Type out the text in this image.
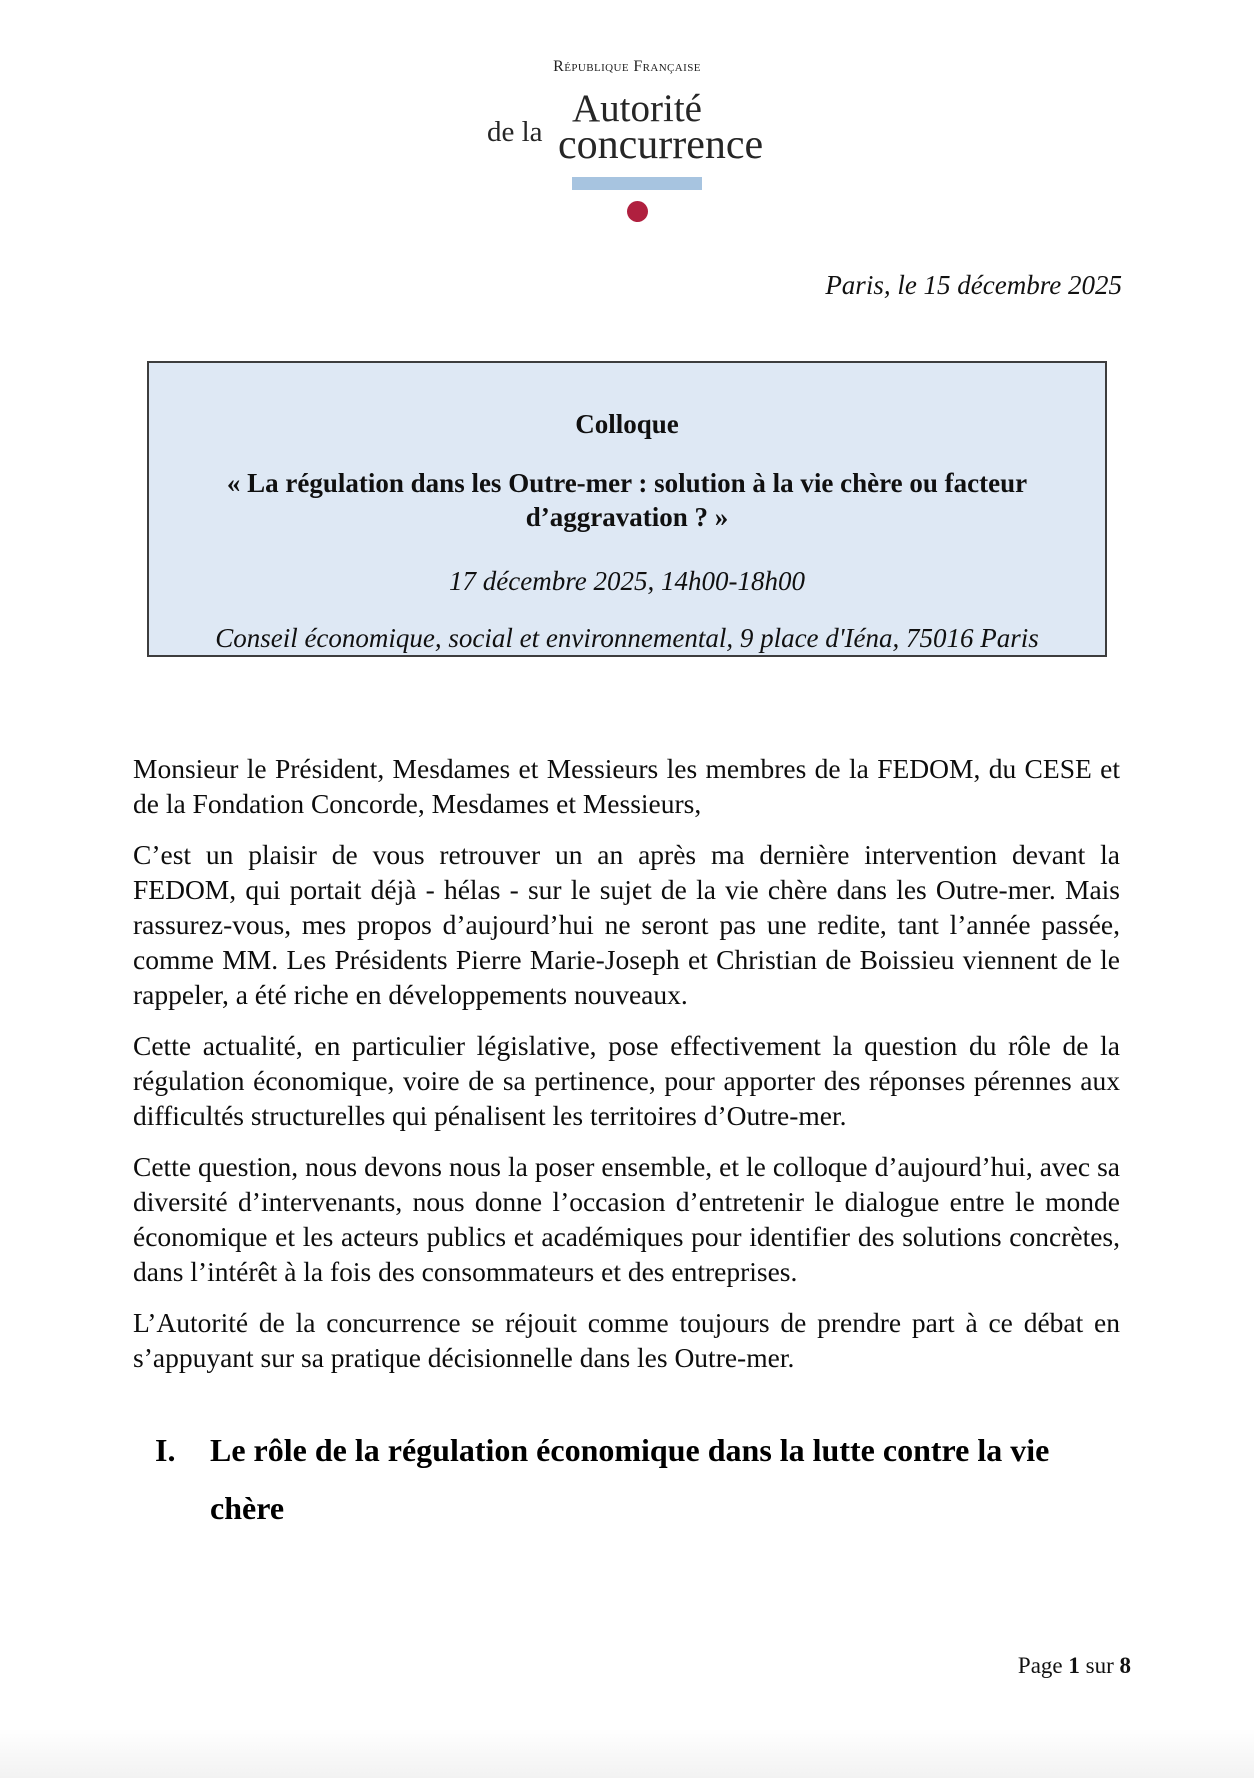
République Française
Autorité
de la concurrence
Paris, le 15 décembre 2025
Colloque
« La régulation dans les Outre-mer : solution à la vie chère ou facteur
d’aggravation ? »
17 décembre 2025, 14h00-18h00
Conseil économique, social et environnemental, 9 place d'Iéna, 75016 Paris

Monsieur le Président, Mesdames et Messieurs les membres de la FEDOM, du CESE et de la Fondation Concorde, Mesdames et Messieurs,

C’est un plaisir de vous retrouver un an après ma dernière intervention devant la FEDOM, qui portait déjà - hélas - sur le sujet de la vie chère dans les Outre-mer. Mais rassurez-vous, mes propos d’aujourd’hui ne seront pas une redite, tant l’année passée, comme MM. Les Présidents Pierre Marie-Joseph et Christian de Boissieu viennent de le rappeler, a été riche en développements nouveaux.

Cette actualité, en particulier législative, pose effectivement la question du rôle de la régulation économique, voire de sa pertinence, pour apporter des réponses pérennes aux difficultés structurelles qui pénalisent les territoires d’Outre-mer.

Cette question, nous devons nous la poser ensemble, et le colloque d’aujourd’hui, avec sa diversité d’intervenants, nous donne l’occasion d’entretenir le dialogue entre le monde économique et les acteurs publics et académiques pour identifier des solutions concrètes, dans l’intérêt à la fois des consommateurs et des entreprises.

L’Autorité de la concurrence se réjouit comme toujours de prendre part à ce débat en s’appuyant sur sa pratique décisionnelle dans les Outre-mer.

I.	Le rôle de la régulation économique dans la lutte contre la vie chère
Page 1 sur 8
